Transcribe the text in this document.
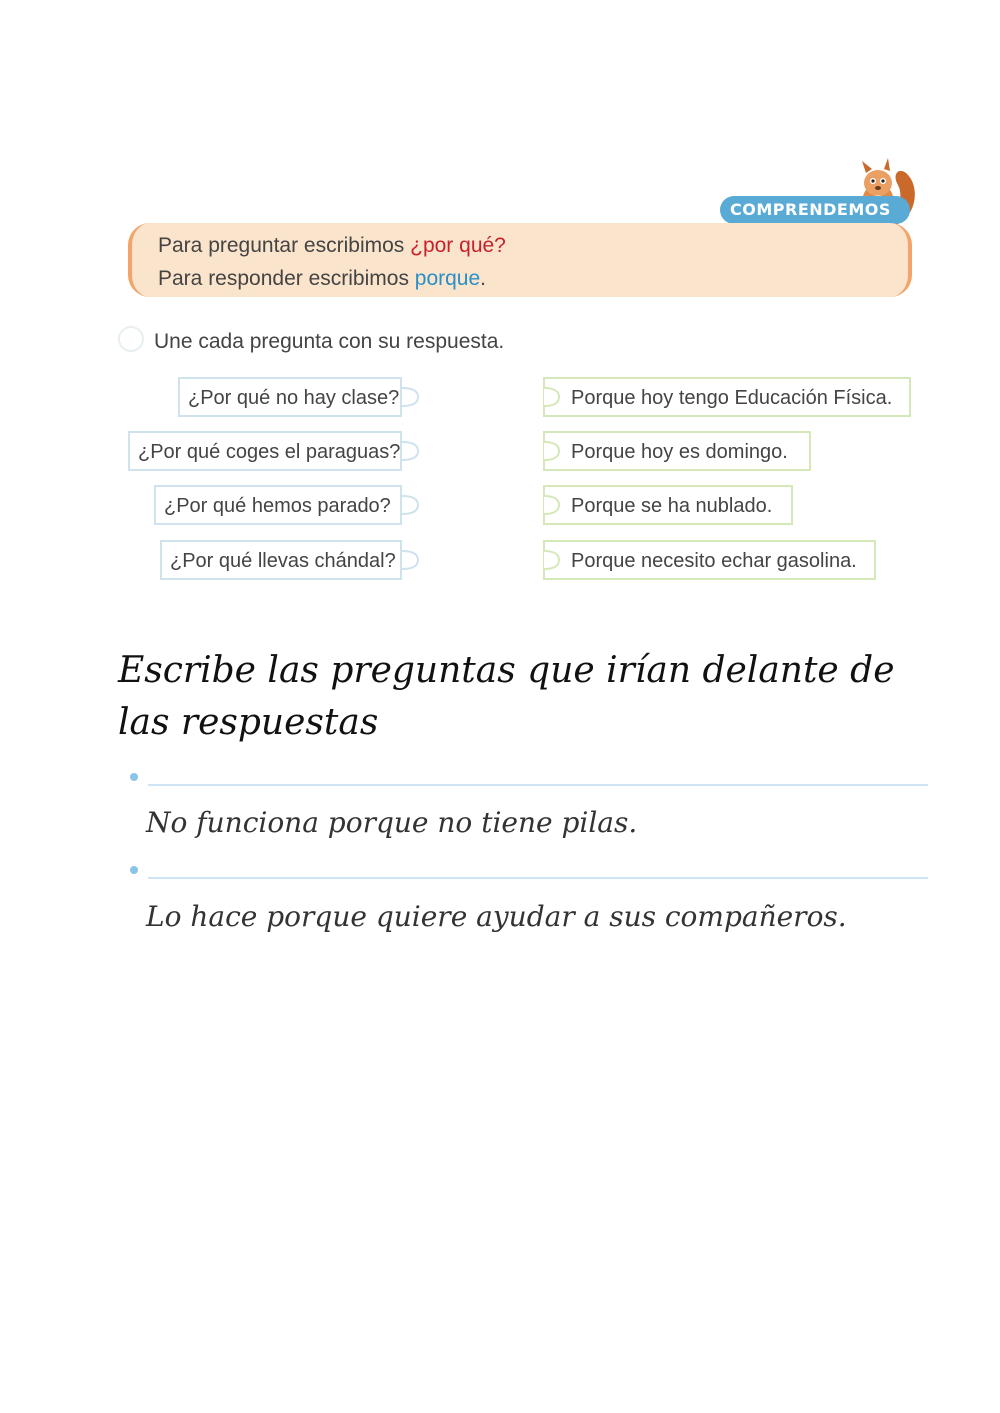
COMPRENDEMOS
Para preguntar escribimos ¿por qué?
Para responder escribimos porque.
Une cada pregunta con su respuesta.
¿Por qué no hay clase?
¿Por qué coges el paraguas?
¿Por qué hemos parado?
¿Por qué llevas chándal?
Porque hoy tengo Educación Física.
Porque hoy es domingo.
Porque se ha nublado.
Porque necesito echar gasolina.
Escribe las preguntas que irían delante de las respuestas
No funciona porque no tiene pilas.
Lo hace porque quiere ayudar a sus compañeros.
